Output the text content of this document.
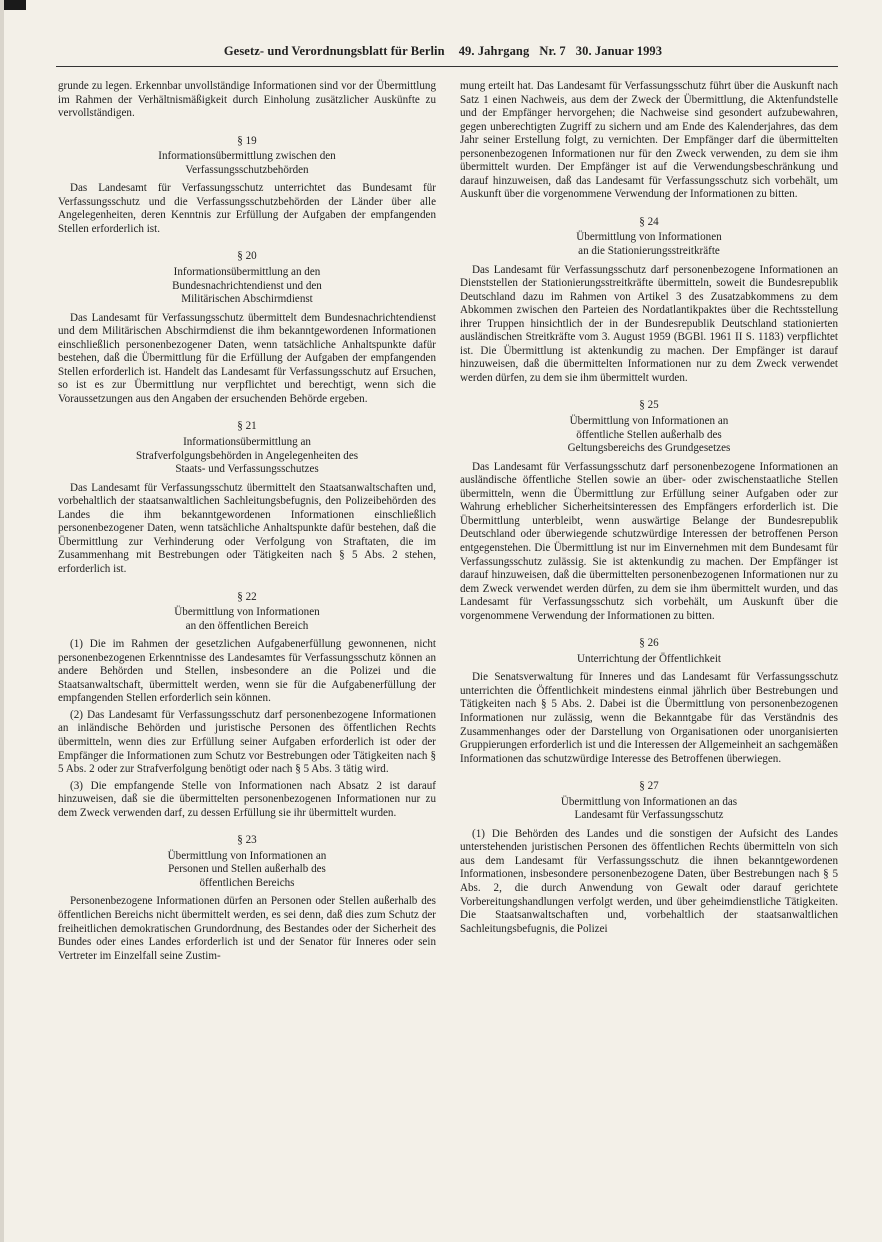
Gesetz- und Verordnungsblatt für Berlin 49. Jahrgang Nr. 7 30. Januar 1993

grunde zu legen. Erkennbar unvollständige Informationen sind vor der Übermittlung im Rahmen der Verhältnismäßigkeit durch Einholung zusätzlicher Auskünfte zu vervollständigen.

§ 19
Informationsübermittlung zwischen den
Verfassungsschutzbehörden

Das Landesamt für Verfassungsschutz unterrichtet das Bundesamt für Verfassungsschutz und die Verfassungsschutzbehörden der Länder über alle Angelegenheiten, deren Kenntnis zur Erfüllung der Aufgaben der empfangenden Stellen erforderlich ist.

§ 20
Informationsübermittlung an den
Bundesnachrichtendienst und den
Militärischen Abschirmdienst

Das Landesamt für Verfassungsschutz übermittelt dem Bundesnachrichtendienst und dem Militärischen Abschirmdienst die ihm bekanntgewordenen Informationen einschließlich personenbezogener Daten, wenn tatsächliche Anhaltspunkte dafür bestehen, daß die Übermittlung für die Erfüllung der Aufgaben der empfangenden Stellen erforderlich ist. Handelt das Landesamt für Verfassungsschutz auf Ersuchen, so ist es zur Übermittlung nur verpflichtet und berechtigt, wenn sich die Voraussetzungen aus den Angaben der ersuchenden Behörde ergeben.

§ 21
Informationsübermittlung an
Strafverfolgungsbehörden in Angelegenheiten des
Staats- und Verfassungsschutzes

Das Landesamt für Verfassungsschutz übermittelt den Staatsanwaltschaften und, vorbehaltlich der staatsanwaltlichen Sachleitungsbefugnis, den Polizeibehörden des Landes die ihm bekanntgewordenen Informationen einschließlich personenbezogener Daten, wenn tatsächliche Anhaltspunkte dafür bestehen, daß die Übermittlung zur Verhinderung oder Verfolgung von Straftaten, die im Zusammenhang mit Bestrebungen oder Tätigkeiten nach § 5 Abs. 2 stehen, erforderlich ist.

§ 22
Übermittlung von Informationen
an den öffentlichen Bereich

(1) Die im Rahmen der gesetzlichen Aufgabenerfüllung gewonnenen, nicht personenbezogenen Erkenntnisse des Landesamtes für Verfassungsschutz können an andere Behörden und Stellen, insbesondere an die Polizei und die Staatsanwaltschaft, übermittelt werden, wenn sie für die Aufgabenerfüllung der empfangenden Stellen erforderlich sein können.

(2) Das Landesamt für Verfassungsschutz darf personenbezogene Informationen an inländische Behörden und juristische Personen des öffentlichen Rechts übermitteln, wenn dies zur Erfüllung seiner Aufgaben erforderlich ist oder der Empfänger die Informationen zum Schutz vor Bestrebungen oder Tätigkeiten nach § 5 Abs. 2 oder zur Strafverfolgung benötigt oder nach § 5 Abs. 3 tätig wird.

(3) Die empfangende Stelle von Informationen nach Absatz 2 ist darauf hinzuweisen, daß sie die übermittelten personenbezogenen Informationen nur zu dem Zweck verwenden darf, zu dessen Erfüllung sie ihr übermittelt wurden.

§ 23
Übermittlung von Informationen an
Personen und Stellen außerhalb des
öffentlichen Bereichs

Personenbezogene Informationen dürfen an Personen oder Stellen außerhalb des öffentlichen Bereichs nicht übermittelt werden, es sei denn, daß dies zum Schutz der freiheitlichen demokratischen Grundordnung, des Bestandes oder der Sicherheit des Bundes oder eines Landes erforderlich ist und der Senator für Inneres oder sein Vertreter im Einzelfall seine Zustim-

mung erteilt hat. Das Landesamt für Verfassungsschutz führt über die Auskunft nach Satz 1 einen Nachweis, aus dem der Zweck der Übermittlung, die Aktenfundstelle und der Empfänger hervorgehen; die Nachweise sind gesondert aufzubewahren, gegen unberechtigten Zugriff zu sichern und am Ende des Kalenderjahres, das dem Jahr seiner Erstellung folgt, zu vernichten. Der Empfänger darf die übermittelten personenbezogenen Informationen nur für den Zweck verwenden, zu dem sie ihm übermittelt wurden. Der Empfänger ist auf die Verwendungsbeschränkung und darauf hinzuweisen, daß das Landesamt für Verfassungsschutz sich vorbehält, um Auskunft über die vorgenommene Verwendung der Informationen zu bitten.

§ 24
Übermittlung von Informationen
an die Stationierungsstreitkräfte

Das Landesamt für Verfassungsschutz darf personenbezogene Informationen an Dienststellen der Stationierungsstreitkräfte übermitteln, soweit die Bundesrepublik Deutschland dazu im Rahmen von Artikel 3 des Zusatzabkommens zu dem Abkommen zwischen den Parteien des Nordatlantikpaktes über die Rechtsstellung ihrer Truppen hinsichtlich der in der Bundesrepublik Deutschland stationierten ausländischen Streitkräfte vom 3. August 1959 (BGBl. 1961 II S. 1183) verpflichtet ist. Die Übermittlung ist aktenkundig zu machen. Der Empfänger ist darauf hinzuweisen, daß die übermittelten Informationen nur zu dem Zweck verwendet werden dürfen, zu dem sie ihm übermittelt wurden.

§ 25
Übermittlung von Informationen an
öffentliche Stellen außerhalb des
Geltungsbereichs des Grundgesetzes

Das Landesamt für Verfassungsschutz darf personenbezogene Informationen an ausländische öffentliche Stellen sowie an über- oder zwischenstaatliche Stellen übermitteln, wenn die Übermittlung zur Erfüllung seiner Aufgaben oder zur Wahrung erheblicher Sicherheitsinteressen des Empfängers erforderlich ist. Die Übermittlung unterbleibt, wenn auswärtige Belange der Bundesrepublik Deutschland oder überwiegende schutzwürdige Interessen der betroffenen Person entgegenstehen. Die Übermittlung ist nur im Einvernehmen mit dem Bundesamt für Verfassungsschutz zulässig. Sie ist aktenkundig zu machen. Der Empfänger ist darauf hinzuweisen, daß die übermittelten personenbezogenen Informationen nur zu dem Zweck verwendet werden dürfen, zu dem sie ihm übermittelt wurden, und das Landesamt für Verfassungsschutz sich vorbehält, um Auskunft über die vorgenommene Verwendung der Informationen zu bitten.

§ 26
Unterrichtung der Öffentlichkeit

Die Senatsverwaltung für Inneres und das Landesamt für Verfassungsschutz unterrichten die Öffentlichkeit mindestens einmal jährlich über Bestrebungen und Tätigkeiten nach § 5 Abs. 2. Dabei ist die Übermittlung von personenbezogenen Informationen nur zulässig, wenn die Bekanntgabe für das Verständnis des Zusammenhanges oder der Darstellung von Organisationen oder unorganisierten Gruppierungen erforderlich ist und die Interessen der Allgemeinheit an sachgemäßen Informationen das schutzwürdige Interesse des Betroffenen überwiegen.

§ 27
Übermittlung von Informationen an das
Landesamt für Verfassungsschutz

(1) Die Behörden des Landes und die sonstigen der Aufsicht des Landes unterstehenden juristischen Personen des öffentlichen Rechts übermitteln von sich aus dem Landesamt für Verfassungsschutz die ihnen bekanntgewordenen Informationen, insbesondere personenbezogene Daten, über Bestrebungen nach § 5 Abs. 2, die durch Anwendung von Gewalt oder darauf gerichtete Vorbereitungshandlungen verfolgt werden, und über geheimdienstliche Tätigkeiten. Die Staatsanwaltschaften und, vorbehaltlich der staatsanwaltlichen Sachleitungsbefugnis, die Polizei
